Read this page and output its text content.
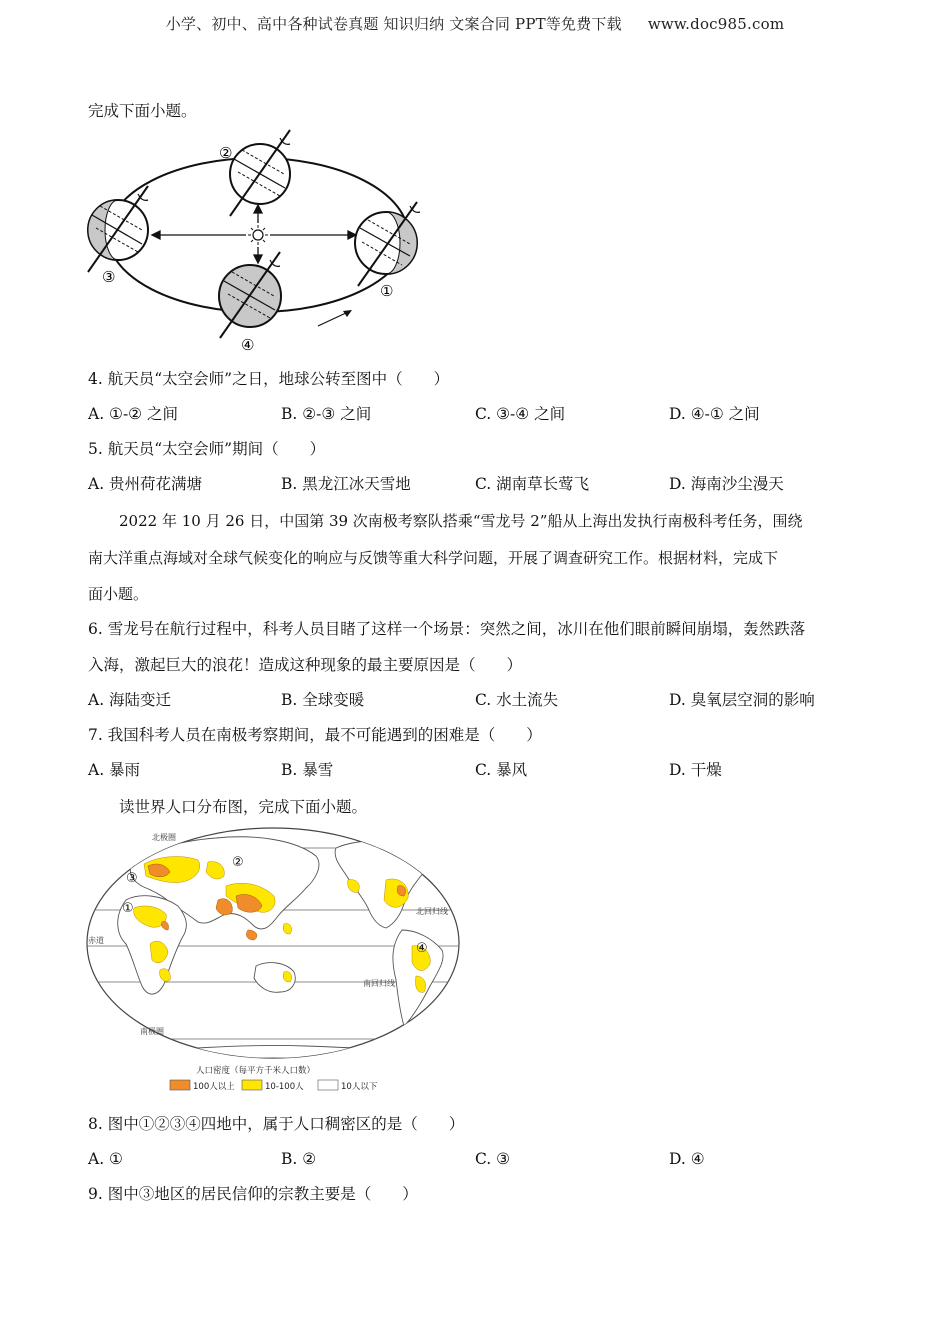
小学、初中、高中各种试卷真题 知识归纳 文案合同 PPT等免费下载 www.doc985.com
完成下面小题。
①
②
③
④
4. 航天员“太空会师”之日，地球公转至图中（　　）
A. ①-② 之间	B. ②-③ 之间	C. ③-④ 之间	D. ④-① 之间
5. 航天员“太空会师”期间（　　）
A. 贵州荷花满塘	B. 黑龙江冰天雪地	C. 湖南草长莺飞	D. 海南沙尘漫天
2022 年 10 月 26 日，中国第 39 次南极考察队搭乘“雪龙号 2”船从上海出发执行南极科考任务，围绕
南大洋重点海域对全球气候变化的响应与反馈等重大科学问题，开展了调查研究工作。根据材料，完成下
面小题。
6. 雪龙号在航行过程中，科考人员目睹了这样一个场景：突然之间，冰川在他们眼前瞬间崩塌，轰然跌落
入海，激起巨大的浪花！造成这种现象的最主要原因是（　　）
A. 海陆变迁	B. 全球变暖	C. 水土流失	D. 臭氧层空洞的影响
7. 我国科考人员在南极考察期间，最不可能遇到的困难是（　　）
A. 暴雨	B. 暴雪	C. 暴风	D. 干燥
读世界人口分布图，完成下面小题。
北极圈
北回归线
赤道
南回归线
南极圈
①
②
③
④
人口密度（每平方千米人口数）
100人以上	10-100人	10人以下
8. 图中①②③④四地中，属于人口稠密区的是（　　）
A. ①	B. ②	C. ③	D. ④
9. 图中③地区的居民信仰的宗教主要是（　　）
